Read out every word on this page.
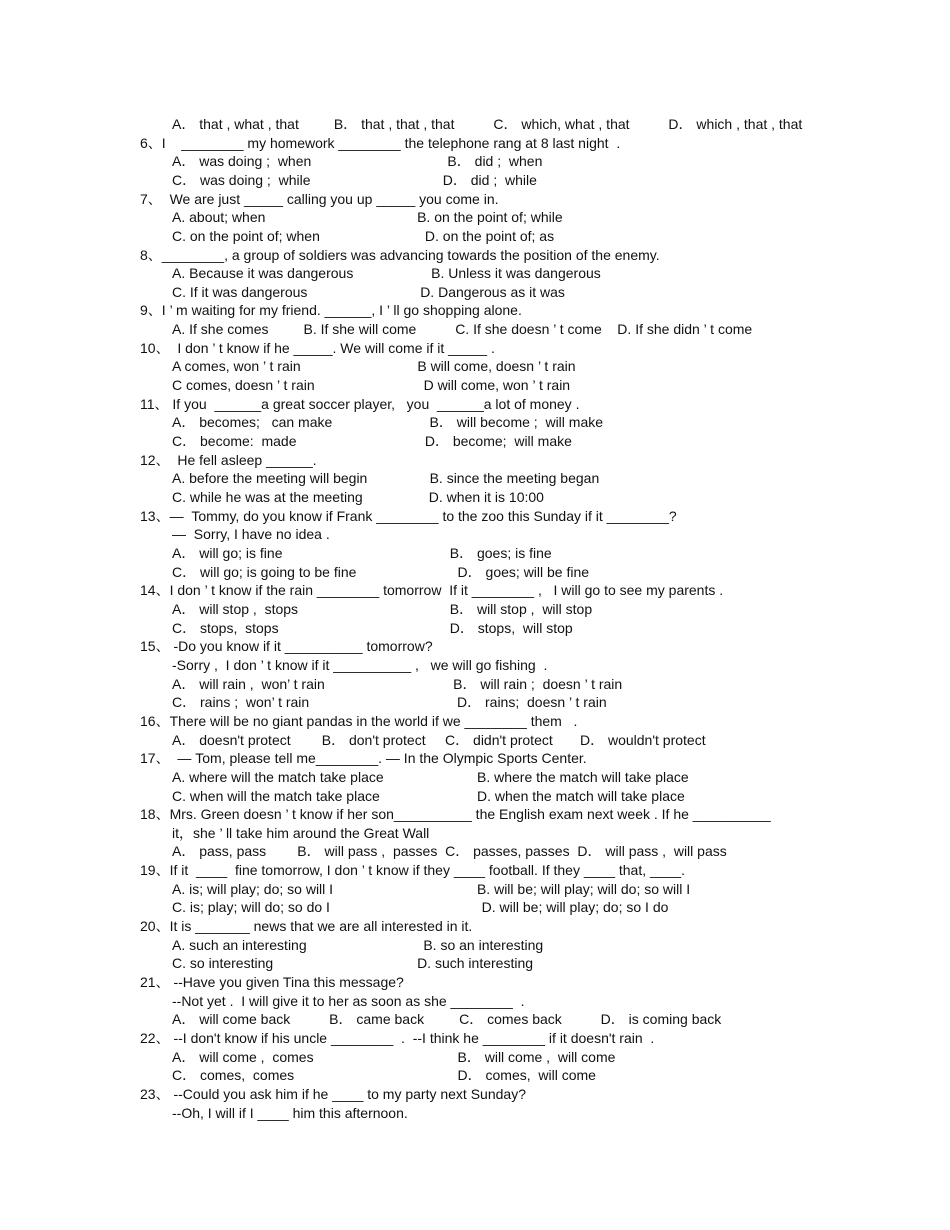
A． that , what , that         B． that , that , that          C． which, what , that          D． which , that , that
6、I    ________ my homework ________ the telephone rang at 8 last night  .
A． was doing ;  when                                   B． did ;  when
C． was doing ;  while                                  D． did ;  while
7、  We are just _____ calling you up _____ you come in.
A. about; when                                       B. on the point of; while
C. on the point of; when                           D. on the point of; as
8、________, a group of soldiers was advancing towards the position of the enemy.
A. Because it was dangerous                    B. Unless it was dangerous
C. If it was dangerous                             D. Dangerous as it was
9、I ’ m waiting for my friend. ______, I ’ ll go shopping alone.
A. If she comes         B. If she will come          C. If she doesn ’ t come    D. If she didn ’ t come
10、  I don ’ t know if he _____. We will come if it _____ .
A comes, won ’ t rain                              B will come, doesn ’ t rain
C comes, doesn ’ t rain                            D will come, won ’ t rain
11、 If you  ______a great soccer player,   you  ______a lot of money .
A． becomes;   can make                         B． will become ;  will make
C． become:  made                                 D． become;  will make
12、  He fell asleep ______.
A. before the meeting will begin                B. since the meeting began
C. while he was at the meeting                 D. when it is 10:00
13、—  Tommy, do you know if Frank ________ to the zoo this Sunday if it ________?
—  Sorry, I have no idea .
A． will go; is fine                                           B． goes; is fine
C． will go; is going to be fine                          D． goes; will be fine
14、I don ’ t know if the rain ________ tomorrow  If it ________ ,   I will go to see my parents .
A． will stop ,  stops                                       B． will stop ,  will stop
C． stops,  stops                                            D． stops,  will stop
15、 -Do you know if it __________ tomorrow?
-Sorry ,  I don ’ t know if it __________ ,   we will go fishing  .
A． will rain ,  won’ t rain                                 B． will rain ;  doesn ’ t rain
C． rains ;  won’ t rain                                      D． rains;  doesn ’ t rain
16、There will be no giant pandas in the world if we ________ them   .
A． doesn't protect        B． don't protect     C． didn't protect       D． wouldn't protect
17、  — Tom, please tell me________. — In the Olympic Sports Center.
A. where will the match take place                        B. where the match will take place
C. when will the match take place                         D. when the match will take place
18、Mrs. Green doesn ’ t know if her son__________ the English exam next week . If he __________
it，she ’ ll take him around the Great Wall
A． pass, pass        B． will pass ,  passes  C． passes, passes  D． will pass ,  will pass
19、If it  ____  fine tomorrow, I don ’ t know if they ____ football. If they ____ that, ____.
A. is; will play; do; so will I                                     B. will be; will play; will do; so will I
C. is; play; will do; so do I                                       D. will be; will play; do; so I do
20、It is _______ news that we are all interested in it.
A. such an interesting                              B. so an interesting
C. so interesting                                     D. such interesting
21、 --Have you given Tina this message?
--Not yet .  I will give it to her as soon as she ________  .
A． will come back          B． came back         C． comes back          D． is coming back
22、 --I don't know if his uncle ________  .  --I think he ________ if it doesn't rain  .
A． will come ,  comes                                     B． will come ,  will come
C． comes,  comes                                          D． comes,  will come
23、 --Could you ask him if he ____ to my party next Sunday?
--Oh, I will if I ____ him this afternoon.
